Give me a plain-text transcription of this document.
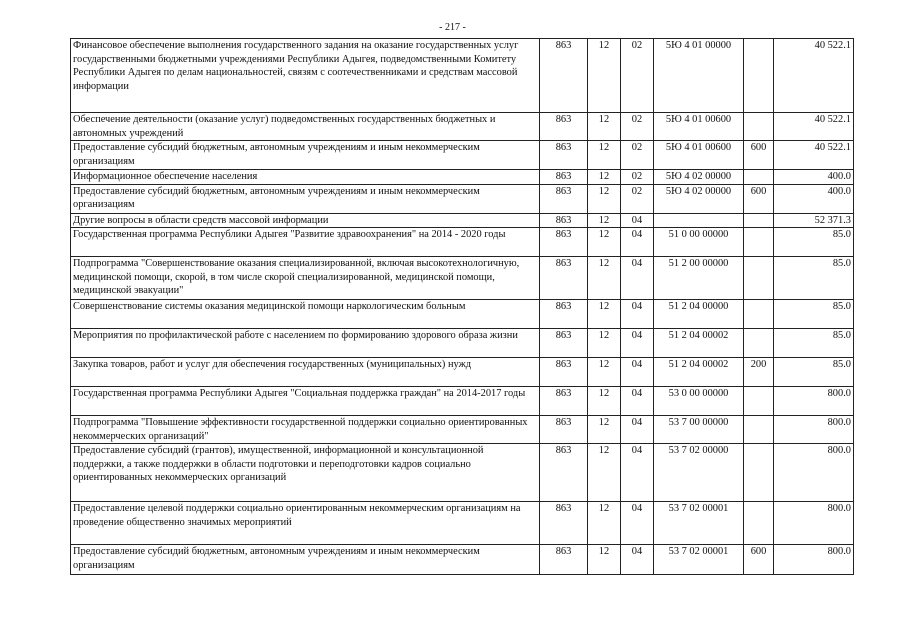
- 217 -
Финансовое обеспечение выполнения государственного задания на оказание государственных услуг государственными бюджетными учреждениями Республики Адыгея, подведомственными Комитету Республики Адыгея по делам национальностей, связям с соотечественниками и средствам массовой информации	863	12	02	5Ю 4 01 00000		40 522.1
Обеспечение деятельности (оказание услуг) подведомственных государственных бюджетных и автономных учреждений	863	12	02	5Ю 4 01 00600		40 522.1
Предоставление субсидий бюджетным, автономным учреждениям и иным некоммерческим организациям	863	12	02	5Ю 4 01 00600	600	40 522.1
Информационное обеспечение населения	863	12	02	5Ю 4 02 00000		400.0
Предоставление субсидий бюджетным, автономным учреждениям и иным некоммерческим организациям	863	12	02	5Ю 4 02 00000	600	400.0
Другие вопросы в области средств массовой информации	863	12	04			52 371.3
Государственная программа Республики Адыгея "Развитие здравоохранения" на 2014 - 2020 годы	863	12	04	51 0 00 00000		85.0
Подпрограмма "Совершенствование оказания специализированной, включая высокотехнологичную, медицинской помощи, скорой, в том числе скорой специализированной, медицинской помощи, медицинской эвакуации"	863	12	04	51 2 00 00000		85.0
Совершенствование системы оказания медицинской помощи наркологическим больным	863	12	04	51 2 04 00000		85.0
Мероприятия по профилактической работе с населением по формированию здорового образа жизни	863	12	04	51 2 04 00002		85.0
Закупка товаров, работ и услуг для обеспечения государственных (муниципальных) нужд	863	12	04	51 2 04 00002	200	85.0
Государственная программа Республики Адыгея "Социальная поддержка граждан" на 2014-2017 годы	863	12	04	53 0 00 00000		800.0
Подпрограмма "Повышение эффективности государственной поддержки социально ориентированных некоммерческих организаций"	863	12	04	53 7 00 00000		800.0
Предоставление субсидий (грантов), имущественной, информационной и консультационной поддержки, а также поддержки в области подготовки и переподготовки кадров социально ориентированных некоммерческих организаций	863	12	04	53 7 02 00000		800.0
Предоставление целевой поддержки социально ориентированным некоммерческим организациям на проведение общественно значимых мероприятий	863	12	04	53 7 02 00001		800.0
Предоставление субсидий бюджетным, автономным учреждениям и иным некоммерческим организациям	863	12	04	53 7 02 00001	600	800.0
